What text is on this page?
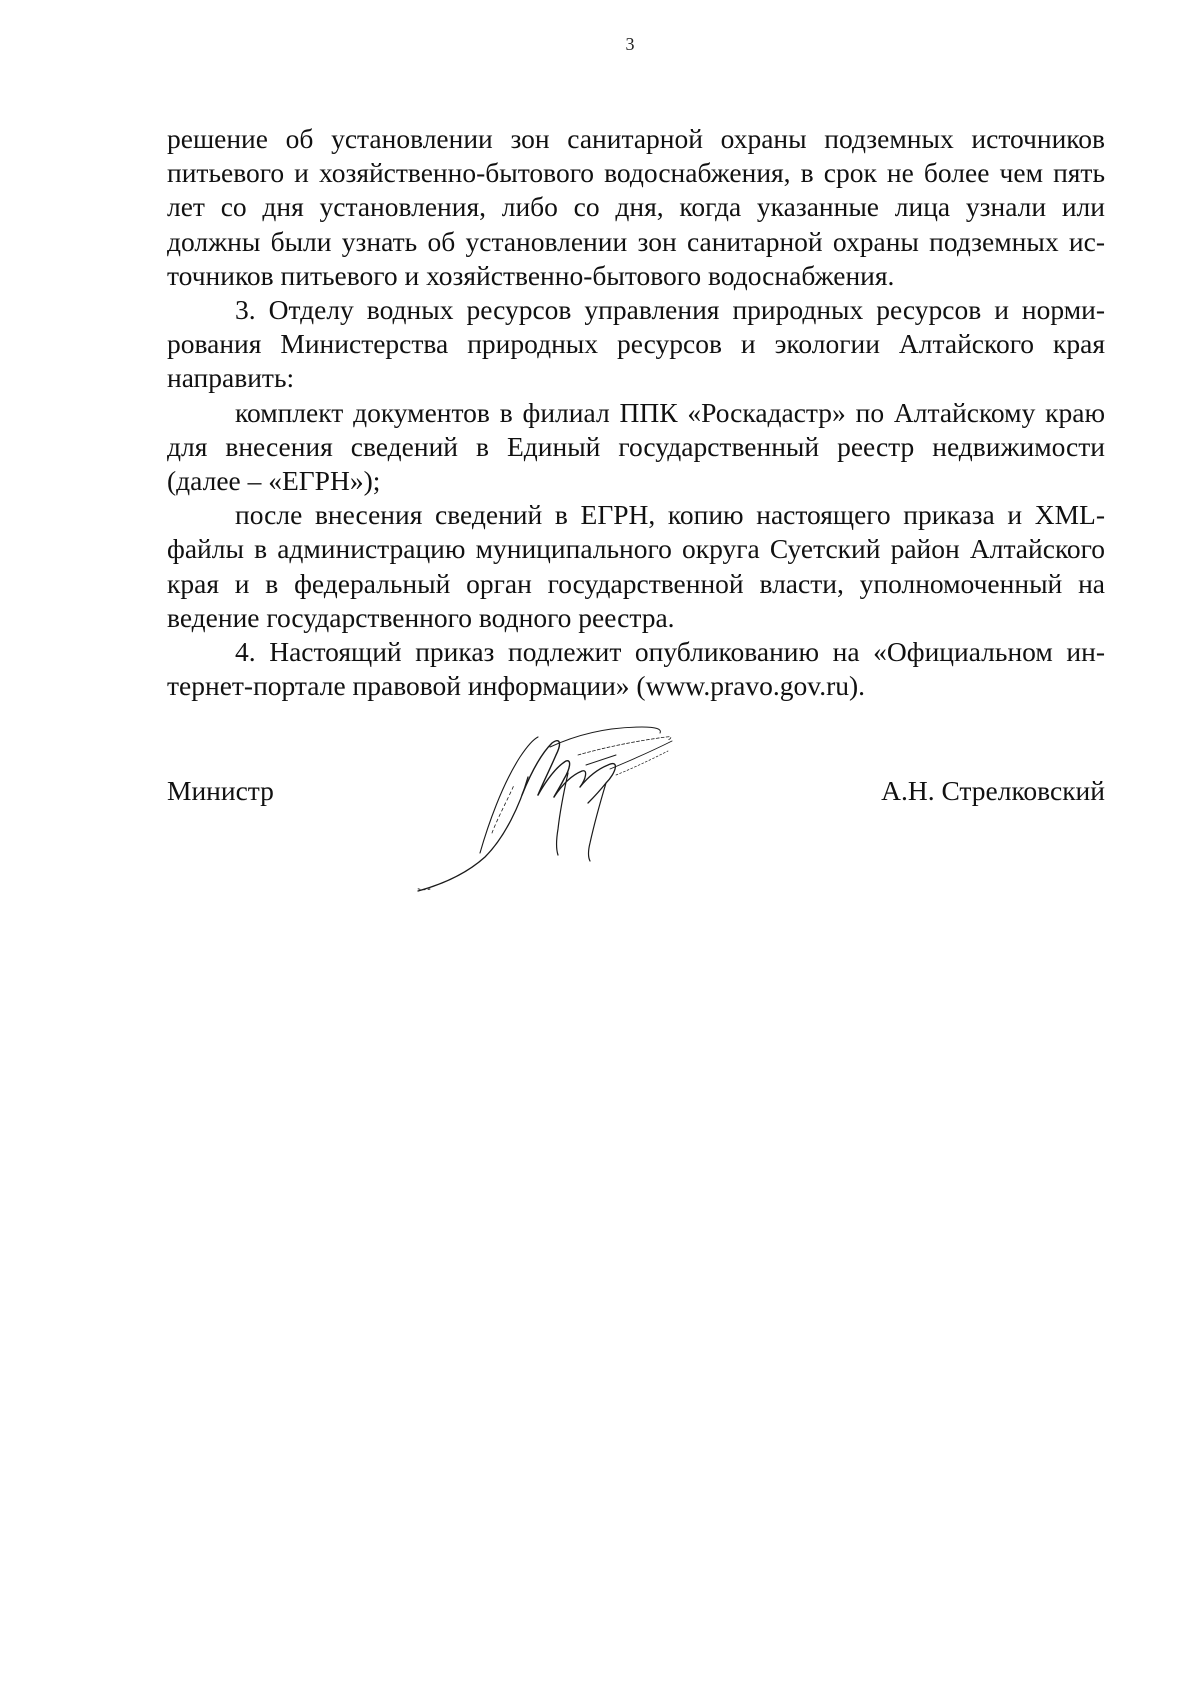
3

решение об установлении зон санитарной охраны подземных источников питьевого и хозяйственно-бытового водоснабжения, в срок не более чем пять лет со дня установления, либо со дня, когда указанные лица узнали или должны были узнать об установлении зон санитарной охраны подземных источников питьевого и хозяйственно-бытового водоснабжения.

3. Отделу водных ресурсов управления природных ресурсов и нормирования Министерства природных ресурсов и экологии Алтайского края направить:

комплект документов в филиал ППК «Роскадастр» по Алтайскому краю для внесения сведений в Единый государственный реестр недвижимости (далее – «ЕГРН»);

после внесения сведений в ЕГРН, копию настоящего приказа и XML-файлы в администрацию муниципального округа Суетский район Алтайского края и в федеральный орган государственной власти, уполномоченный на ведение государственного водного реестра.

4. Настоящий приказ подлежит опубликованию на «Официальном интернет-портале правовой информации» (www.pravo.gov.ru).

Министр	А.Н. Стрелковский
